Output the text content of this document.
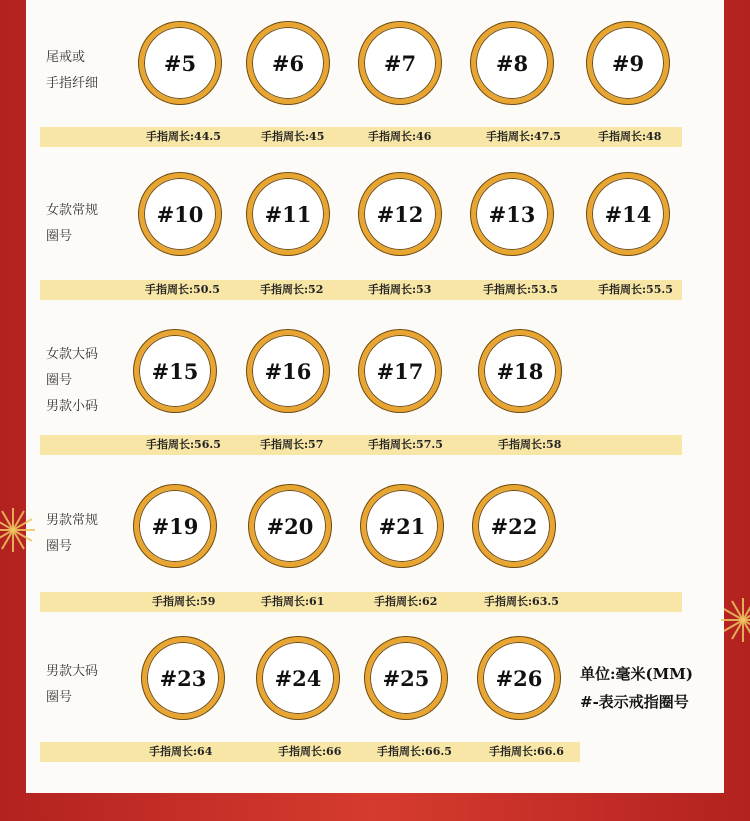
尾戒或
手指纤细
#5	#6	#7	#8	#9
手指周长:44.5	手指周长:45	手指周长:46	手指周长:47.5	手指周长:48
女款常规
圈号
#10	#11	#12	#13	#14
手指周长:50.5	手指周长:52	手指周长:53	手指周长:53.5	手指周长:55.5
女款大码
圈号
男款小码
#15	#16	#17	#18
手指周长:56.5	手指周长:57	手指周长:57.5	手指周长:58
男款常规
圈号
#19	#20	#21	#22
手指周长:59	手指周长:61	手指周长:62	手指周长:63.5
男款大码
圈号
#23	#24	#25	#26
手指周长:64	手指周长:66	手指周长:66.5	手指周长:66.6
单位:毫米(MM)
#-表示戒指圈号
